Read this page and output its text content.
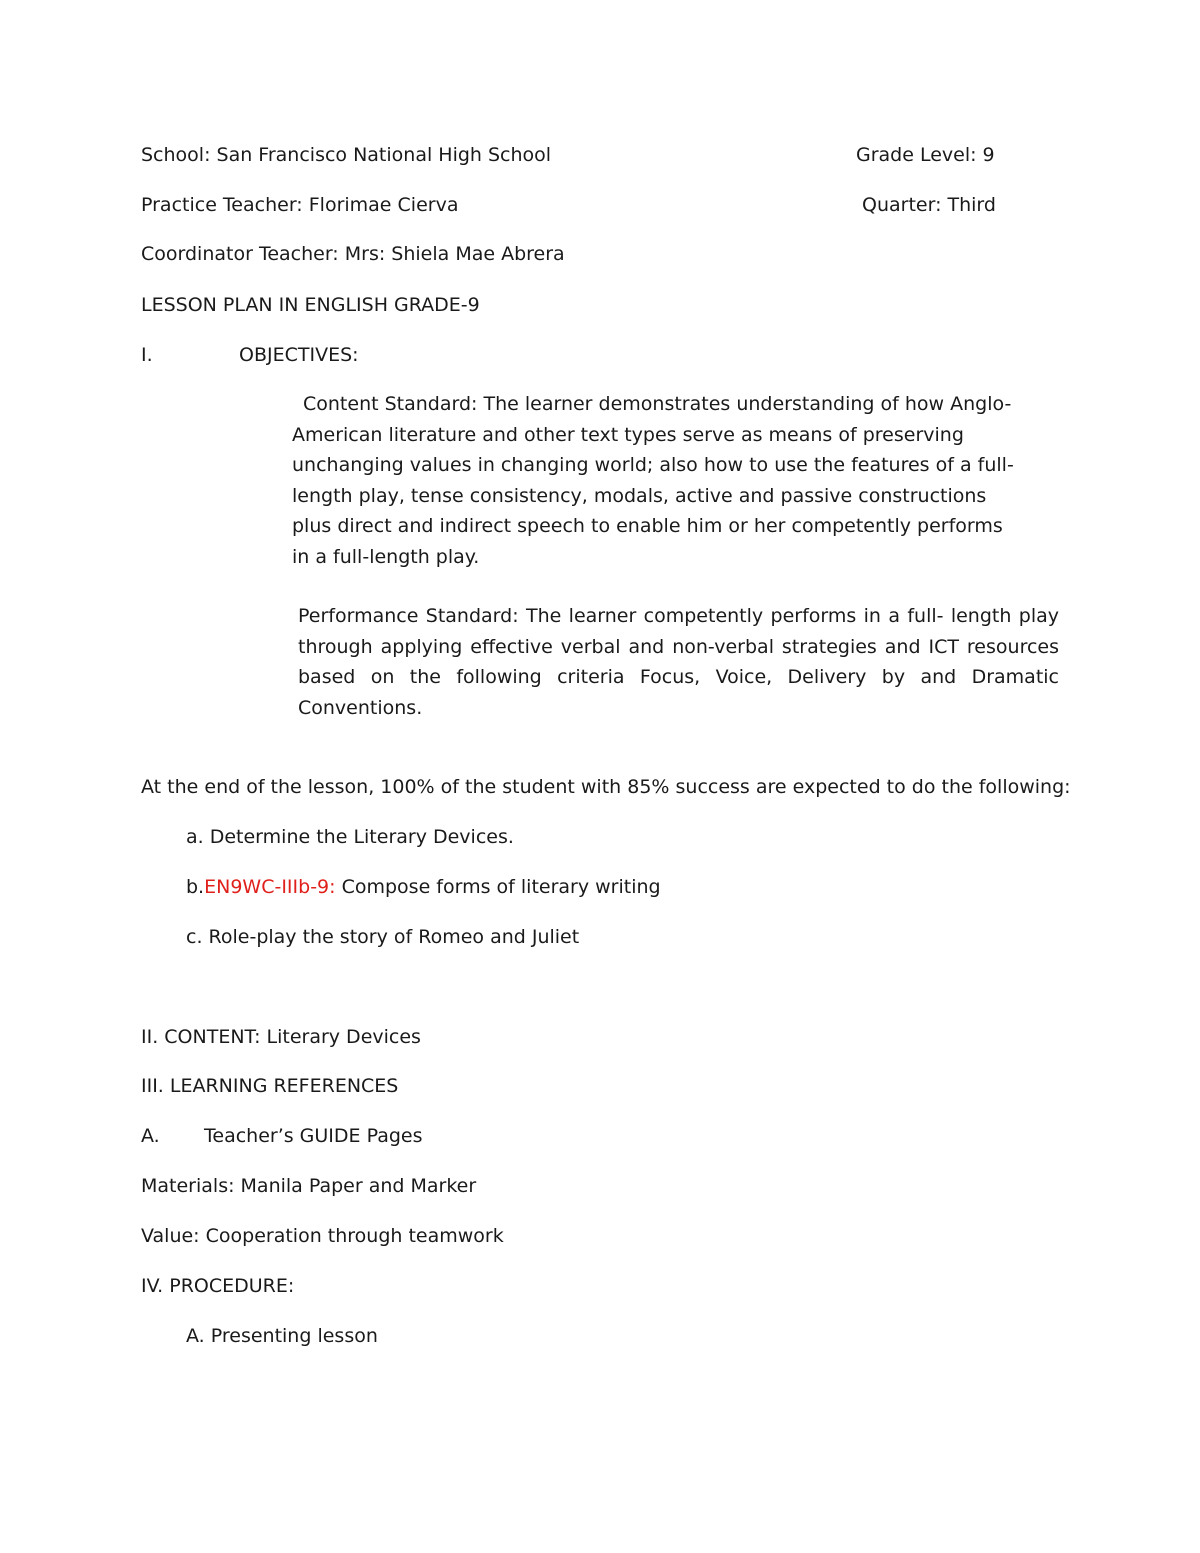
School: San Francisco National High School	Grade Level: 9
Practice Teacher: Florimae Cierva	Quarter: Third
Coordinator Teacher: Mrs: Shiela Mae Abrera
LESSON PLAN IN ENGLISH GRADE-9
I.	OBJECTIVES:
Content Standard: The learner demonstrates understanding of how Anglo-American literature and other text types serve as means of preserving unchanging values in changing world; also how to use the features of a full-length play, tense consistency, modals, active and passive constructions plus direct and indirect speech to enable him or her competently performs in a full-length play.
Performance Standard: The learner competently performs in a full- length play through applying effective verbal and non-verbal strategies and ICT resources based on the following criteria Focus, Voice, Delivery by and Dramatic Conventions.
At the end of the lesson, 100% of the student with 85% success are expected to do the following:
a. Determine the Literary Devices.
b.EN9WC-IIIb-9: Compose forms of literary writing
c. Role-play the story of Romeo and Juliet
II. CONTENT: Literary Devices
III. LEARNING REFERENCES
A. Teacher’s GUIDE Pages
Materials: Manila Paper and Marker
Value: Cooperation through teamwork
IV. PROCEDURE:
A. Presenting lesson
